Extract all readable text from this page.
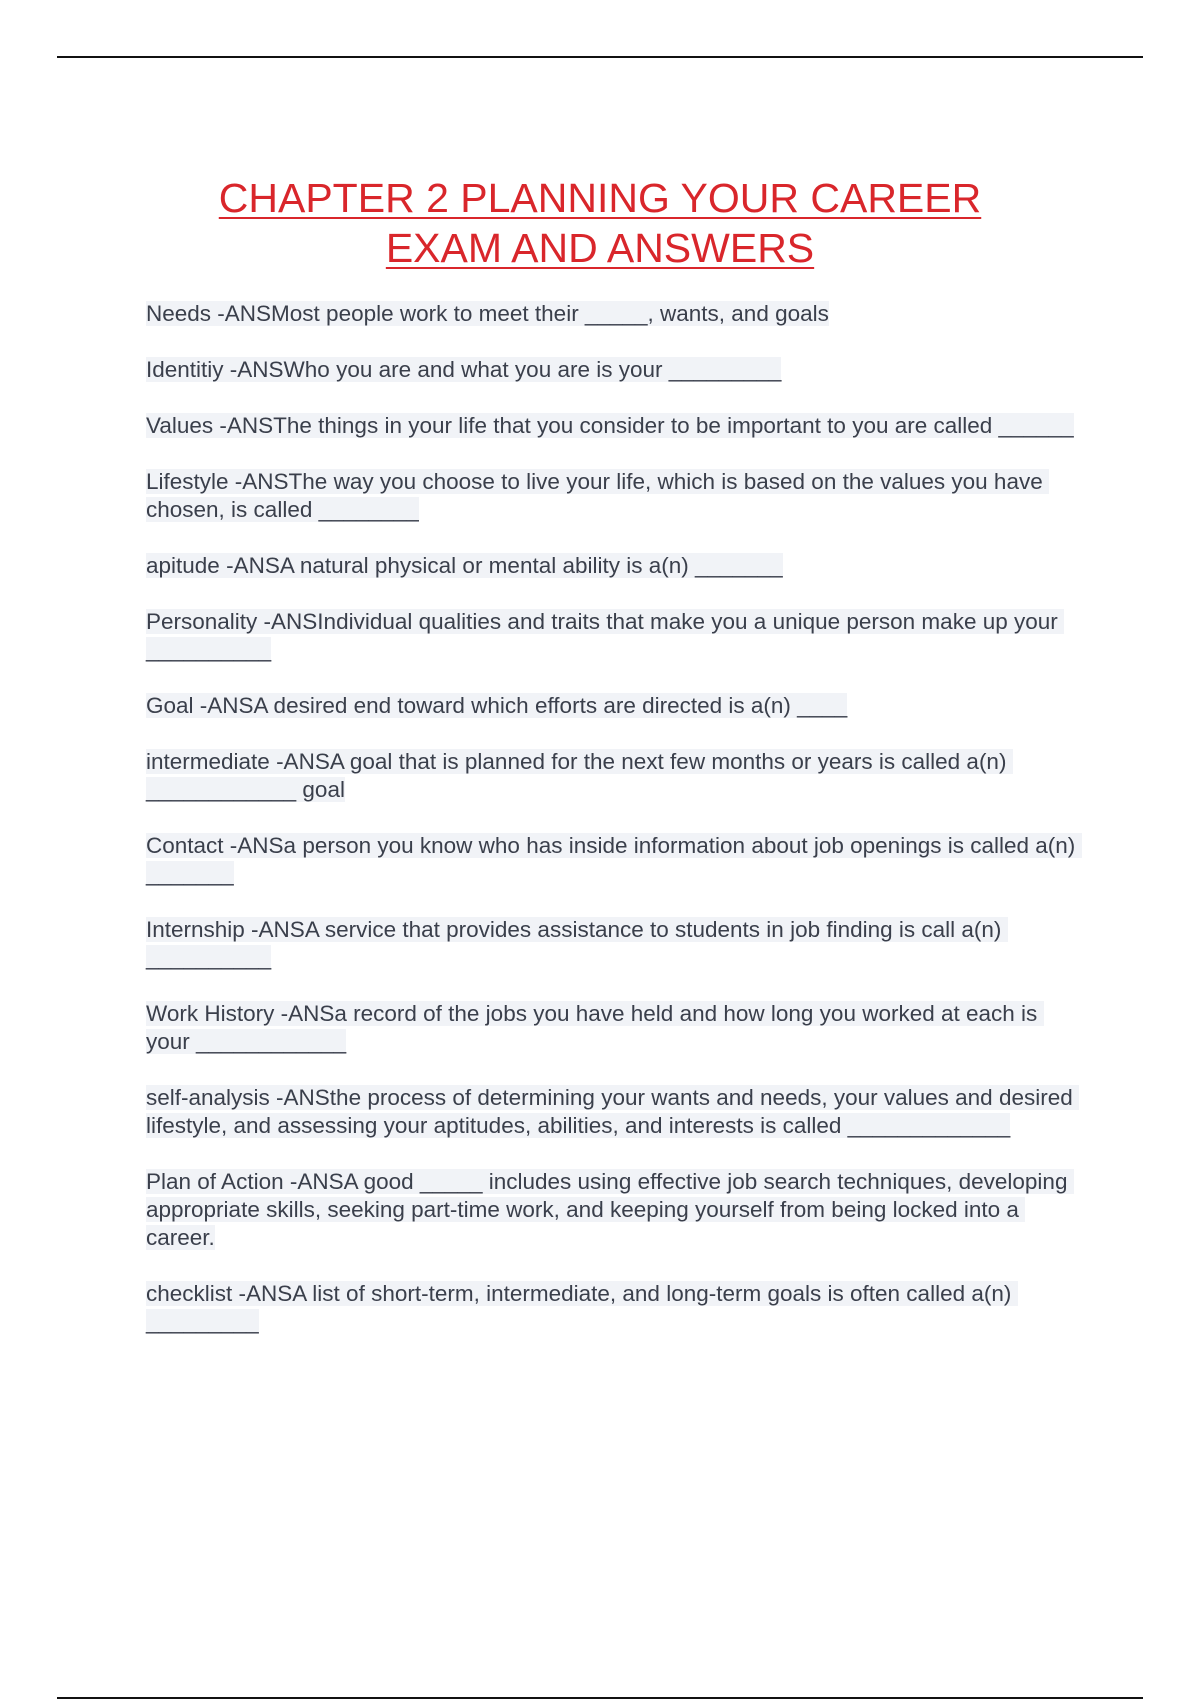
CHAPTER 2 PLANNING YOUR CAREER
EXAM AND ANSWERS

Needs -ANSMost people work to meet their _____, wants, and goals

Identitiy -ANSWho you are and what you are is your _________

Values -ANSThe things in your life that you consider to be important to you are called ______

Lifestyle -ANSThe way you choose to live your life, which is based on the values you have chosen, is called ________

apitude -ANSA natural physical or mental ability is a(n) _______

Personality -ANSIndividual qualities and traits that make you a unique person make up your __________

Goal -ANSA desired end toward which efforts are directed is a(n) ____

intermediate -ANSA goal that is planned for the next few months or years is called a(n) ____________ goal

Contact -ANSa person you know who has inside information about job openings is called a(n) _______

Internship -ANSA service that provides assistance to students in job finding is call a(n) __________

Work History -ANSa record of the jobs you have held and how long you worked at each is your ____________

self-analysis -ANSthe process of determining your wants and needs, your values and desired lifestyle, and assessing your aptitudes, abilities, and interests is called _____________

Plan of Action -ANSA good _____ includes using effective job search techniques, developing appropriate skills, seeking part-time work, and keeping yourself from being locked into a career.

checklist -ANSA list of short-term, intermediate, and long-term goals is often called a(n) _________
